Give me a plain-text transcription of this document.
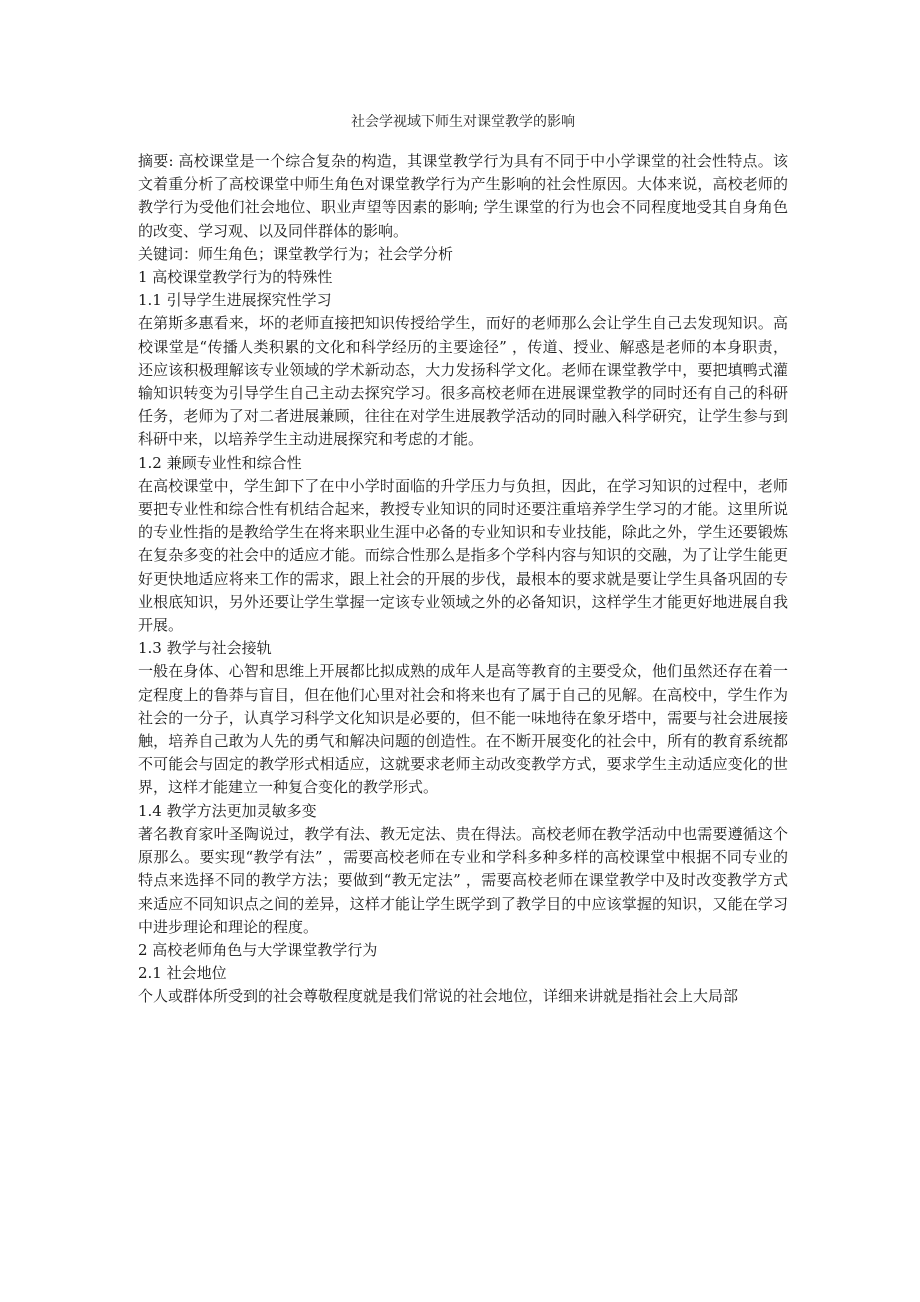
社会学视域下师生对课堂教学的影响

摘要: 高校课堂是一个综合复杂的构造，其课堂教学行为具有不同于中小学课堂的社会性特点。该文着重分析了高校课堂中师生角色对课堂教学行为产生影响的社会性原因。大体来说，高校老师的教学行为受他们社会地位、职业声望等因素的影响; 学生课堂的行为也会不同程度地受其自身角色的改变、学习观、以及同伴群体的影响。

关键词：师生角色；课堂教学行为；社会学分析

1 高校课堂教学行为的特殊性

1.1 引导学生进展探究性学习

在第斯多惠看来，坏的老师直接把知识传授给学生，而好的老师那么会让学生自己去发现知识。高校课堂是“传播人类积累的文化和科学经历的主要途径” ，传道、授业、解惑是老师的本身职责，还应该积极理解该专业领域的学术新动态，大力发扬科学文化。老师在课堂教学中，要把填鸭式灌输知识转变为引导学生自己主动去探究学习。很多高校老师在进展课堂教学的同时还有自己的科研任务，老师为了对二者进展兼顾，往往在对学生进展教学活动的同时融入科学研究，让学生参与到科研中来，以培养学生主动进展探究和考虑的才能。

1.2 兼顾专业性和综合性

在高校课堂中，学生卸下了在中小学时面临的升学压力与负担，因此，在学习知识的过程中，老师要把专业性和综合性有机结合起来，教授专业知识的同时还要注重培养学生学习的才能。这里所说的专业性指的是教给学生在将来职业生涯中必备的专业知识和专业技能，除此之外，学生还要锻炼在复杂多变的社会中的适应才能。而综合性那么是指多个学科内容与知识的交融，为了让学生能更好更快地适应将来工作的需求，跟上社会的开展的步伐，最根本的要求就是要让学生具备巩固的专业根底知识，另外还要让学生掌握一定该专业领域之外的必备知识，这样学生才能更好地进展自我开展。

1.3 教学与社会接轨

一般在身体、心智和思维上开展都比拟成熟的成年人是高等教育的主要受众，他们虽然还存在着一定程度上的鲁莽与盲目，但在他们心里对社会和将来也有了属于自己的见解。在高校中，学生作为社会的一分子，认真学习科学文化知识是必要的，但不能一味地待在象牙塔中，需要与社会进展接触，培养自己敢为人先的勇气和解决问题的创造性。在不断开展变化的社会中，所有的教育系统都不可能会与固定的教学形式相适应，这就要求老师主动改变教学方式，要求学生主动适应变化的世界，这样才能建立一种复合变化的教学形式。

1.4 教学方法更加灵敏多变

著名教育家叶圣陶说过，教学有法、教无定法、贵在得法。高校老师在教学活动中也需要遵循这个原那么。要实现“教学有法” ，需要高校老师在专业和学科多种多样的高校课堂中根据不同专业的特点来选择不同的教学方法；要做到“教无定法” ，需要高校老师在课堂教学中及时改变教学方式来适应不同知识点之间的差异，这样才能让学生既学到了教学目的中应该掌握的知识，又能在学习中进步理论和理论的程度。

2 高校老师角色与大学课堂教学行为

2.1 社会地位

个人或群体所受到的社会尊敬程度就是我们常说的社会地位，详细来讲就是指社会上大局部
